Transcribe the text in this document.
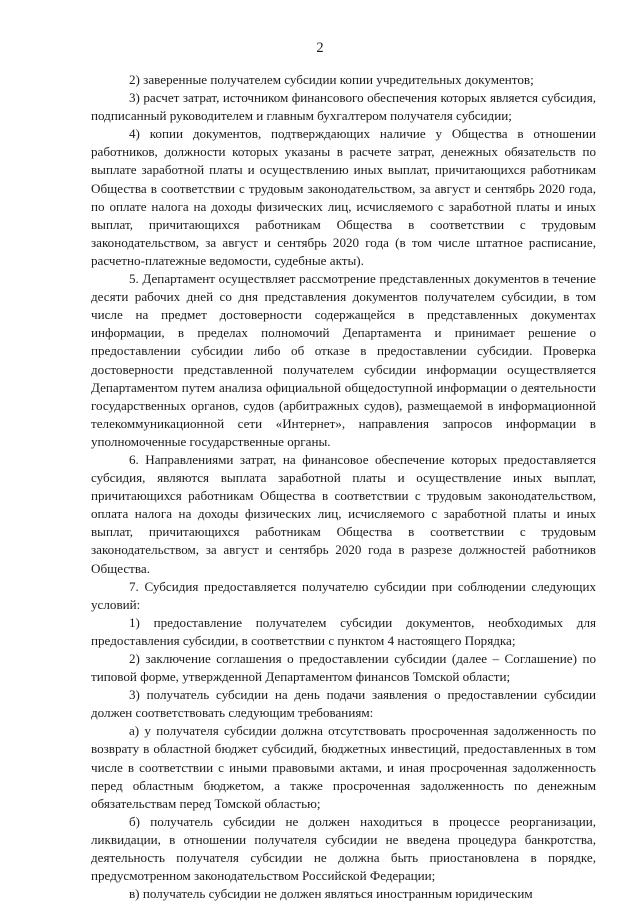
2

2) заверенные получателем субсидии копии учредительных документов;

3) расчет затрат, источником финансового обеспечения которых является субсидия, подписанный руководителем и главным бухгалтером получателя субсидии;

4) копии документов, подтверждающих наличие у Общества в отношении работников, должности которых указаны в расчете затрат, денежных обязательств по выплате заработной платы и осуществлению иных выплат, причитающихся работникам Общества в соответствии с трудовым законодательством, за август и сентябрь 2020 года, по оплате налога на доходы физических лиц, исчисляемого с заработной платы и иных выплат, причитающихся работникам Общества в соответствии с трудовым законодательством, за август и сентябрь 2020 года (в том числе штатное расписание, расчетно-платежные ведомости, судебные акты).

5. Департамент осуществляет рассмотрение представленных документов в течение десяти рабочих дней со дня представления документов получателем субсидии, в том числе на предмет достоверности содержащейся в представленных документах информации, в пределах полномочий Департамента и принимает решение о предоставлении субсидии либо об отказе в предоставлении субсидии. Проверка достоверности представленной получателем субсидии информации осуществляется Департаментом путем анализа официальной общедоступной информации о деятельности государственных органов, судов (арбитражных судов), размещаемой в информационной телекоммуникационной сети «Интернет», направления запросов информации в уполномоченные государственные органы.

6. Направлениями затрат, на финансовое обеспечение которых предоставляется субсидия, являются выплата заработной платы и осуществление иных выплат, причитающихся работникам Общества в соответствии с трудовым законодательством, оплата налога на доходы физических лиц, исчисляемого с заработной платы и иных выплат, причитающихся работникам Общества в соответствии с трудовым законодательством, за август и сентябрь 2020 года в разрезе должностей работников Общества.

7. Субсидия предоставляется получателю субсидии при соблюдении следующих условий:

1) предоставление получателем субсидии документов, необходимых для предоставления субсидии, в соответствии с пунктом 4 настоящего Порядка;

2) заключение соглашения о предоставлении субсидии (далее – Соглашение) по типовой форме, утвержденной Департаментом финансов Томской области;

3) получатель субсидии на день подачи заявления о предоставлении субсидии должен соответствовать следующим требованиям:

а) у получателя субсидии должна отсутствовать просроченная задолженность по возврату в областной бюджет субсидий, бюджетных инвестиций, предоставленных в том числе в соответствии с иными правовыми актами, и иная просроченная задолженность перед областным бюджетом, а также просроченная задолженность по денежным обязательствам перед Томской областью;

б) получатель субсидии не должен находиться в процессе реорганизации, ликвидации, в отношении получателя субсидии не введена процедура банкротства, деятельность получателя субсидии не должна быть приостановлена в порядке, предусмотренном законодательством Российской Федерации;

в) получатель субсидии не должен являться иностранным юридическим
